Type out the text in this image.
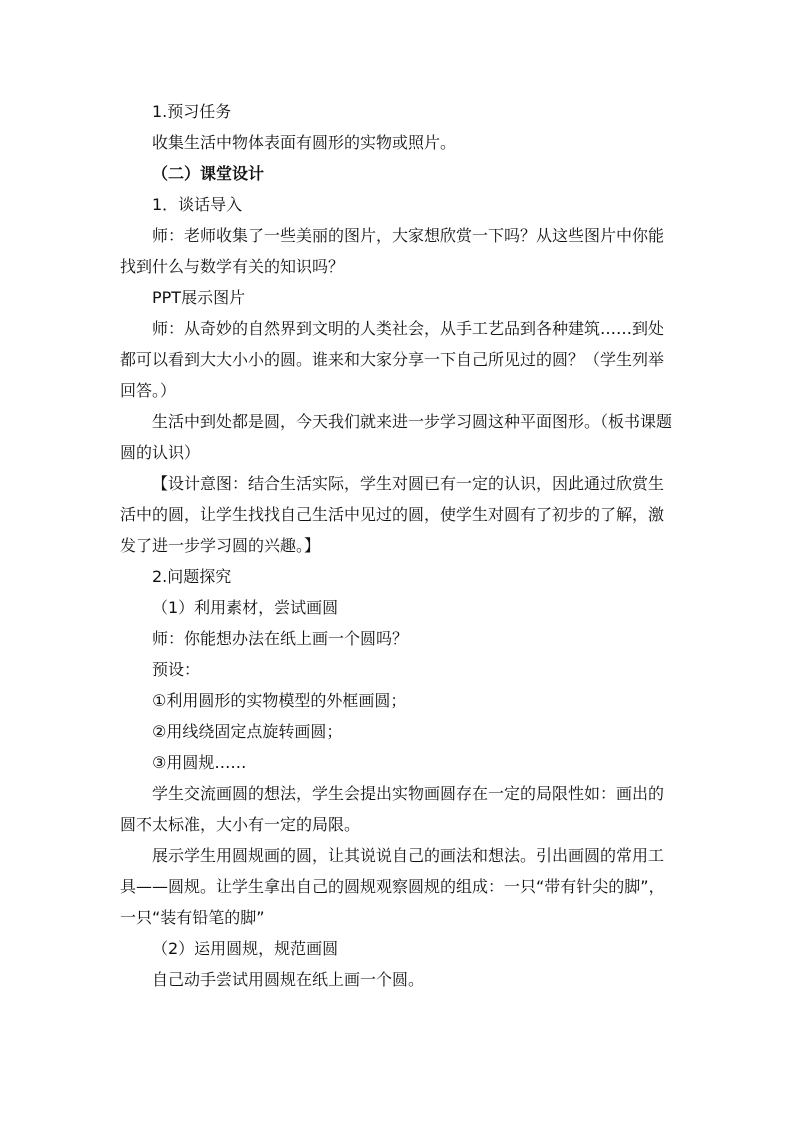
1.预习任务

收集生活中物体表面有圆形的实物或照片。

（二）课堂设计

1．谈话导入

师：老师收集了一些美丽的图片，大家想欣赏一下吗？从这些图片中你能找到什么与数学有关的知识吗？

PPT展示图片

师：从奇妙的自然界到文明的人类社会，从手工艺品到各种建筑……到处都可以看到大大小小的圆。谁来和大家分享一下自己所见过的圆？（学生列举回答。）

生活中到处都是圆，今天我们就来进一步学习圆这种平面图形。（板书课题圆的认识）

【设计意图：结合生活实际，学生对圆已有一定的认识，因此通过欣赏生活中的圆，让学生找找自己生活中见过的圆，使学生对圆有了初步的了解，激发了进一步学习圆的兴趣。】

2.问题探究

（1）利用素材，尝试画圆

师：你能想办法在纸上画一个圆吗？

预设：

①利用圆形的实物模型的外框画圆；

②用线绕固定点旋转画圆；

③用圆规……

学生交流画圆的想法，学生会提出实物画圆存在一定的局限性如：画出的圆不太标准，大小有一定的局限。

展示学生用圆规画的圆，让其说说自己的画法和想法。引出画圆的常用工具——圆规。让学生拿出自己的圆规观察圆规的组成：一只“带有针尖的脚”，一只“装有铅笔的脚”

（2）运用圆规，规范画圆

自己动手尝试用圆规在纸上画一个圆。
